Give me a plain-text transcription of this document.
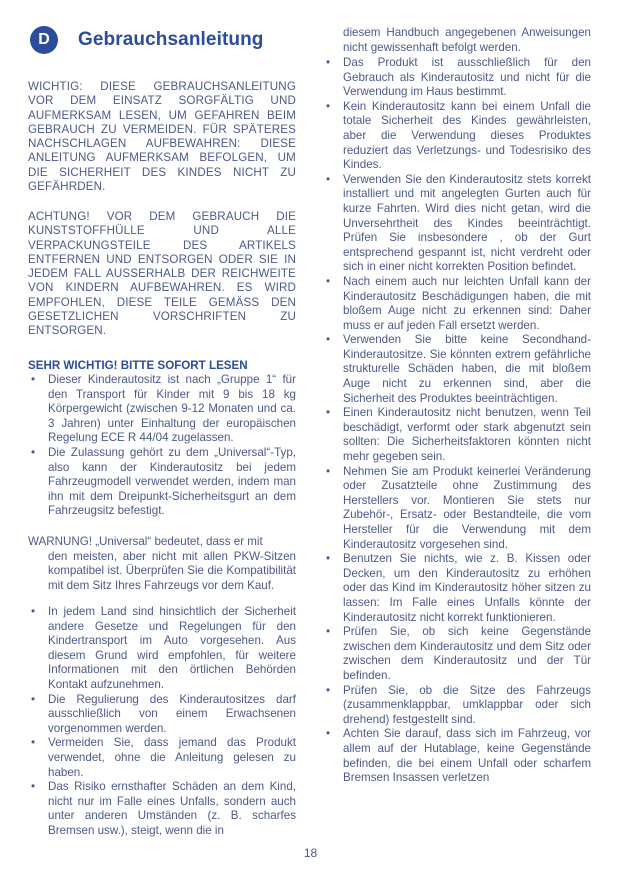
D	Gebrauchsanleitung
WICHTIG: DIESE GEBRAUCHSANLEITUNG VOR DEM EINSATZ SORGFÄLTIG UND AUFMERKSAM LESEN, UM GEFAHREN BEIM GEBRAUCH ZU VERMEIDEN. FÜR SPÄTERES NACHSCHLAGEN AUFBEWAHREN: DIESE ANLEITUNG AUFMERKSAM BEFOLGEN, UM DIE SICHERHEIT DES KINDES NICHT ZU GEFÄHRDEN.
ACHTUNG! VOR DEM GEBRAUCH DIE KUNSTSTOFFHÜLLE UND ALLE VERPACKUNGSTEILE DES ARTIKELS ENTFERNEN UND ENTSORGEN ODER SIE IN JEDEM FALL AUSSERHALB DER REICHWEITE VON KINDERN AUFBEWAHREN. ES WIRD EMPFOHLEN, DIESE TEILE GEMÄSS DEN GESETZLICHEN VORSCHRIFTEN ZU ENTSORGEN.
SEHR WICHTIG! BITTE SOFORT LESEN
• Dieser Kinderautositz ist nach „Gruppe 1“ für den Transport für Kinder mit 9 bis 18 kg Körpergewicht (zwischen 9-12 Monaten und ca. 3 Jahren) unter Einhaltung der europäischen Regelung ECE R 44/04 zugelassen.
• Die Zulassung gehört zu dem „Universal“-Typ, also kann der Kinderautositz bei jedem Fahrzeugmodell verwendet werden, indem man ihn mit dem Dreipunkt-Sicherheitsgurt an dem Fahrzeugsitz befestigt.
WARNUNG! „Universal“ bedeutet, dass er mit
den meisten, aber nicht mit allen PKW-Sitzen kompatibel ist. Überprüfen Sie die Kompatibilität mit dem Sitz Ihres Fahrzeugs vor dem Kauf.
• In jedem Land sind hinsichtlich der Sicherheit andere Gesetze und Regelungen für den Kindertransport im Auto vorgesehen. Aus diesem Grund wird empfohlen, für weitere Informationen mit den örtlichen Behörden Kontakt aufzunehmen.
• Die Regulierung des Kinderautositzes darf ausschließlich von einem Erwachsenen vorgenommen werden.
• Vermeiden Sie, dass jemand das Produkt verwendet, ohne die Anleitung gelesen zu haben.
• Das Risiko ernsthafter Schäden an dem Kind, nicht nur im Falle eines Unfalls, sondern auch unter anderen Umständen (z. B. scharfes Bremsen usw.), steigt, wenn die in
diesem Handbuch angegebenen Anweisungen nicht gewissenhaft befolgt werden.
• Das Produkt ist ausschließlich für den Gebrauch als Kinderautositz und nicht für die Verwendung im Haus bestimmt.
• Kein Kinderautositz kann bei einem Unfall die totale Sicherheit des Kindes gewährleisten, aber die Verwendung dieses Produktes reduziert das Verletzungs- und Todesrisiko des Kindes.
• Verwenden Sie den Kinderautositz stets korrekt installiert und mit angelegten Gurten auch für kurze Fahrten. Wird dies nicht getan, wird die Unversehrtheit des Kindes beeinträchtigt. Prüfen Sie insbesondere , ob der Gurt entsprechend gespannt ist, nicht verdreht oder sich in einer nicht korrekten Position befindet.
• Nach einem auch nur leichten Unfall kann der Kinderautositz Beschädigungen haben, die mit bloßem Auge nicht zu erkennen sind: Daher muss er auf jeden Fall ersetzt werden.
• Verwenden Sie bitte keine Secondhand-Kinderautositze. Sie könnten extrem gefährliche strukturelle Schäden haben, die mit bloßem Auge nicht zu erkennen sind, aber die Sicherheit des Produktes beeinträchtigen.
• Einen Kinderautositz nicht benutzen, wenn Teil beschädigt, verformt oder stark abgenutzt sein sollten: Die Sicherheitsfaktoren könnten nicht mehr gegeben sein.
• Nehmen Sie am Produkt keinerlei Veränderung oder Zusatzteile ohne Zustimmung des Herstellers vor. Montieren Sie stets nur Zubehör-, Ersatz- oder Bestandteile, die vom Hersteller für die Verwendung mit dem Kinderautositz vorgesehen sind.
• Benutzen Sie nichts, wie z. B. Kissen oder Decken, um den Kinderautositz zu erhöhen oder das Kind im Kinderautositz höher sitzen zu lassen: Im Falle eines Unfalls könnte der Kinderautositz nicht korrekt funktionieren.
• Prüfen Sie, ob sich keine Gegenstände zwischen dem Kinderautositz und dem Sitz oder zwischen dem Kinderautositz und der Tür befinden.
• Prüfen Sie, ob die Sitze des Fahrzeugs (zusammenklappbar, umklappbar oder sich drehend) festgestellt sind.
• Achten Sie darauf, dass sich im Fahrzeug, vor allem auf der Hutablage, keine Gegenstände befinden, die bei einem Unfall oder scharfem Bremsen Insassen verletzen
18
